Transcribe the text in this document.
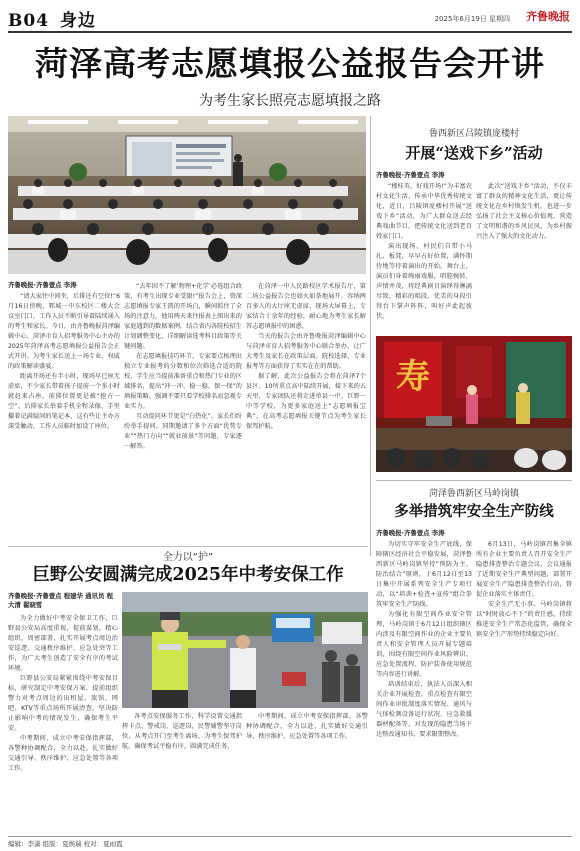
B04 身边	2025年6月19日 星期四 齐鲁晚报
菏泽高考志愿填报公益报告会开讲
为考生家长照亮志愿填报之路
齐鲁晚报·齐鲁壹点 李涛

“请大家往中间坐，后排还有空位!”6月16日傍晚，郓城一中东校区二楼大会议室门口，工作人员不断引导着陆续涌入的考生和家长。今日，由齐鲁晚报菏泽编辑中心、菏泽市育人招考服务中心主办的2025年菏泽高考志愿填报公益报告会正式开讲。为考生家长送上一场专业、权威的政策解读盛宴。

距离开场还有半小时，现场早已座无虚席，不少家长带着孩子提前一个多小时就赶来占座，前排位置更是被“抢占一空”。后排家长举着手机全程录像，手里攥着记满疑问的笔记本，这有些让主办方深受触动，工作人员临时加设了座位。

“去年因不了解‘物理+化学’必选组合政策，有考生出现专业受限!”报告会上，资深志愿填报专家王凯的开场白，瞬间抓住了全场的注意力。他用两天来往报表上图出来的家庭遇到的数据案例，结合省内各院校招生计划调整变化，详细解读选考科目政策等关键问题。

在志愿填报技巧环节，专家要点梳理出独立专业报考的分数和位次筛选合适的院校，学生应当提前准备重点和热门专业的区域排名，提出“冲一冲、稳一稳、保一保”的填报策略，强调不要只看学校排名而忽视专业实力。

互动提问环节更是“白热化”，家长们纷纷举手提问，同期邀请了多个方面“优势专业”“热门方向”“就业前景”等问题，专家逐一解答。

在菏泽一中人民路校区学术报告厅，第二场公益报告会也如火如荼地展开，容纳两百多人的大厅座无虚席，现场大屏幕上，专家结合十余年的经验，耐心地为考生家长解答志愿填报中的困惑。

当天的报告会由齐鲁晚报菏泽编辑中心与菏泽市育人招考服务中心联合举办，让广大考生及家长在政策层面、院校选择、专业报考等方面获得了实实在在的帮助。

据了解，此次公益报告会将在菏泽7个县区、10所重点高中陆续开展，接下来的五天里，专家团队还将走进单县一中、巨野一中等学校，为更多家庭送上“志愿填报宝典”，在高考志愿填报关键节点为考生家长保驾护航。

鲁西新区吕陵镇庞楼村
开展“送戏下乡”活动
齐鲁晚报·齐鲁壹点 李涛

“穆桂英，好戏开场!”为丰富农村文化生活，传承中华优秀传统文化，近日，吕陵镇庞楼村开展“送戏下乡”活动，为广大群众送去经典戏曲节目，把传统文化送到老百姓家门口。

演出现场，村民们自带小马扎、板凳，早早占好位置，满怀期待地等待着演出的开始。舞台上，演员们身着绚丽戏服，唱腔婉转，声情并茂，将经典剧目演绎得淋漓尽致，精彩的唱段、优美的身段引得台下掌声阵阵，叫好声此起彼伏。

此次“送戏下乡”活动，不仅丰富了群众的精神文化生活，更让传统文化在乡村焕发生机，也进一步弘扬了社会主义核心价值观，营造了文明和谐的乡风民风，为乡村振兴注入了强大的文化动力。

寿
全力以“护”
巨野公安圆满完成2025年中考安保工作
齐鲁晚报·齐鲁壹点 程建华 通讯员 程大清 翟晓雪

为全力做好中考安全保卫工作，巨野县公安局高度重视，提前谋划，精心组织，周密部署，扎实开展考点周边治安巡逻、交通秩序维护、应急处突等工作，为广大考生创造了安全有序的考试环境。

巨野县公安局紧紧围绕中考安保目标，研究制定中考安保方案，提前组织警力对考点周边的出租屋、旅馆、网吧、KTV等重点场所开展清查，坚决防止影响中考的情况发生，确保考生平安。

中考期间，成立中考安保指挥部，各警种协调配合，全力以赴，扎实做好交通引导、秩序维护、应急处置等各项工作。

各考点安保服务工作，科学设置交通指挥卡点、警戒岗、巡逻岗，民警辅警坚守岗位，从考点开门至考生离场，为考生保驾护航，确保考试平稳有序，圆满完成任务。

中考期间，成立中考安保指挥部，各警种协调配合，全力以赴，扎实做好交通引导、秩序维护、应急处置等各项工作。

菏泽鲁西新区马岭岗镇
多举措筑牢安全生产防线
齐鲁晚报·齐鲁壹点 李涛

为切实守牢安全生产底线，保障辖区经济社会平稳发展，菏泽鲁西新区马岭岗镇坚持“预防为主、防治结合”原则，于6月12日至13日集中开展系列安全生产专项行动，以“培训+检查+宣传”组合拳筑牢安全生产防线。

为强化有限空间作业安全管理，马岭岗镇于6月12日组织辖区内涉及有限空间作业的企业主要负责人和安全管理人员开展专题培训，围绕有限空间作业风险辨识、应急处置流程、防护装备使用规范等内容进行讲解。

培训结束后，执法人员深入相关企业开展检查，重点检查有限空间作业审批制度落实情况、通风与气体检测设备运行状况、应急救援器材配备等，对发现的隐患当场下达整改通知书，要求限期整改。

6月13日，马岭岗镇召集全镇所有企业主要负责人召开安全生产隐患排查整治专题会议，会议通报了近期安全生产典型问题，部署开展安全生产隐患排查整治行动，督促企业落实主体责任。

安全生产无小事。马岭岗镇将以“时时放心不下”的责任感，持续推进安全生产常态化监管，确保全镇安全生产形势持续稳定向好。

编辑：李潇 组版：夏焕瑞 校对：夏雨霞
